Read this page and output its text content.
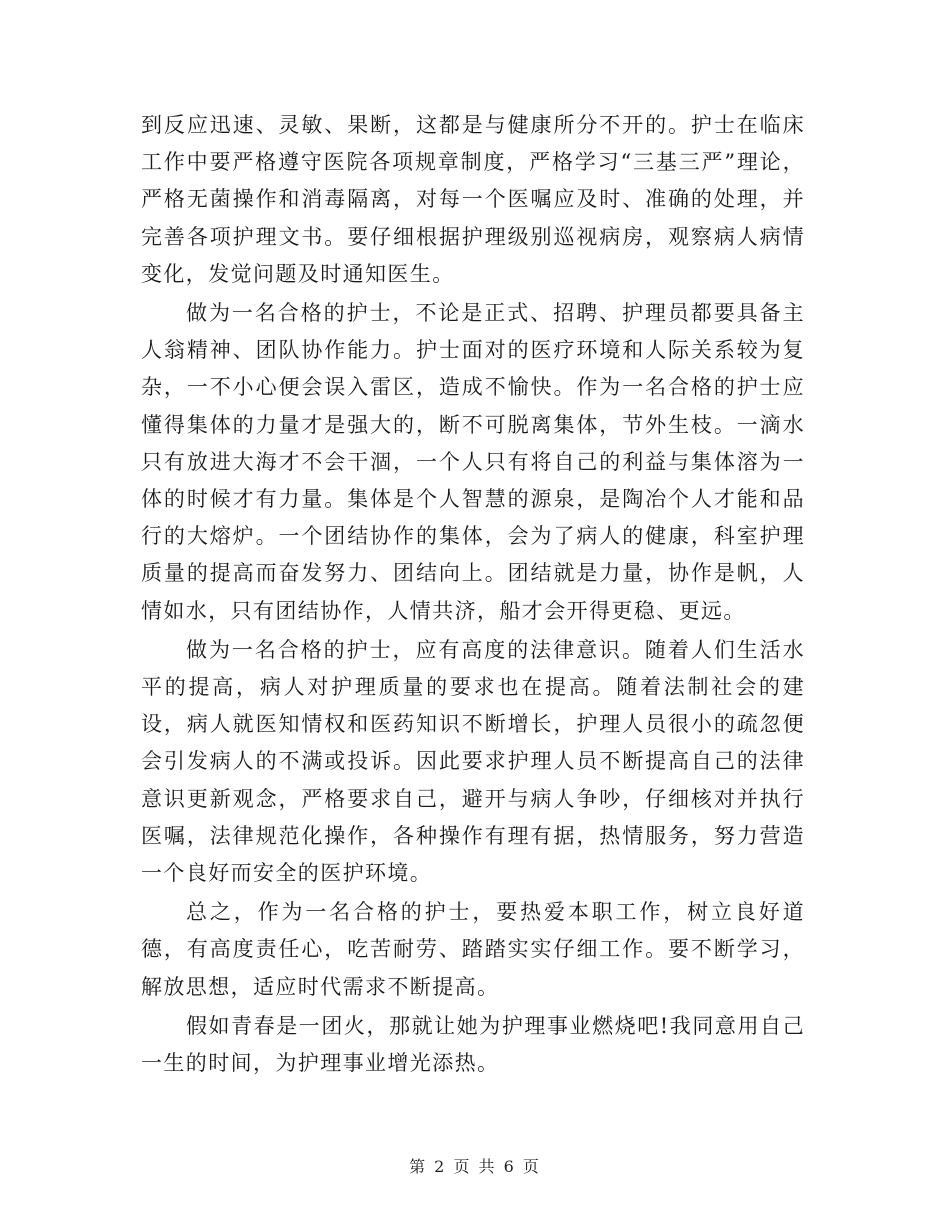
到反应迅速、灵敏、果断，这都是与健康所分不开的。护士在临床工作中要严格遵守医院各项规章制度，严格学习“三基三严”理论，严格无菌操作和消毒隔离，对每一个医嘱应及时、准确的处理，并完善各项护理文书。要仔细根据护理级别巡视病房，观察病人病情变化，发觉问题及时通知医生。

做为一名合格的护士，不论是正式、招聘、护理员都要具备主人翁精神、团队协作能力。护士面对的医疗环境和人际关系较为复杂，一不小心便会误入雷区，造成不愉快。作为一名合格的护士应懂得集体的力量才是强大的，断不可脱离集体，节外生枝。一滴水只有放进大海才不会干涸，一个人只有将自己的利益与集体溶为一体的时候才有力量。集体是个人智慧的源泉，是陶冶个人才能和品行的大熔炉。一个团结协作的集体，会为了病人的健康，科室护理质量的提高而奋发努力、团结向上。团结就是力量，协作是帆，人情如水，只有团结协作，人情共济，船才会开得更稳、更远。

做为一名合格的护士，应有高度的法律意识。随着人们生活水平的提高，病人对护理质量的要求也在提高。随着法制社会的建设，病人就医知情权和医药知识不断增长，护理人员很小的疏忽便会引发病人的不满或投诉。因此要求护理人员不断提高自己的法律意识更新观念，严格要求自己，避开与病人争吵，仔细核对并执行医嘱，法律规范化操作，各种操作有理有据，热情服务，努力营造一个良好而安全的医护环境。

总之，作为一名合格的护士，要热爱本职工作，树立良好道德，有高度责任心，吃苦耐劳、踏踏实实仔细工作。要不断学习，解放思想，适应时代需求不断提高。

假如青春是一团火，那就让她为护理事业燃烧吧!我同意用自己一生的时间，为护理事业增光添热。

第 2 页 共 6 页
